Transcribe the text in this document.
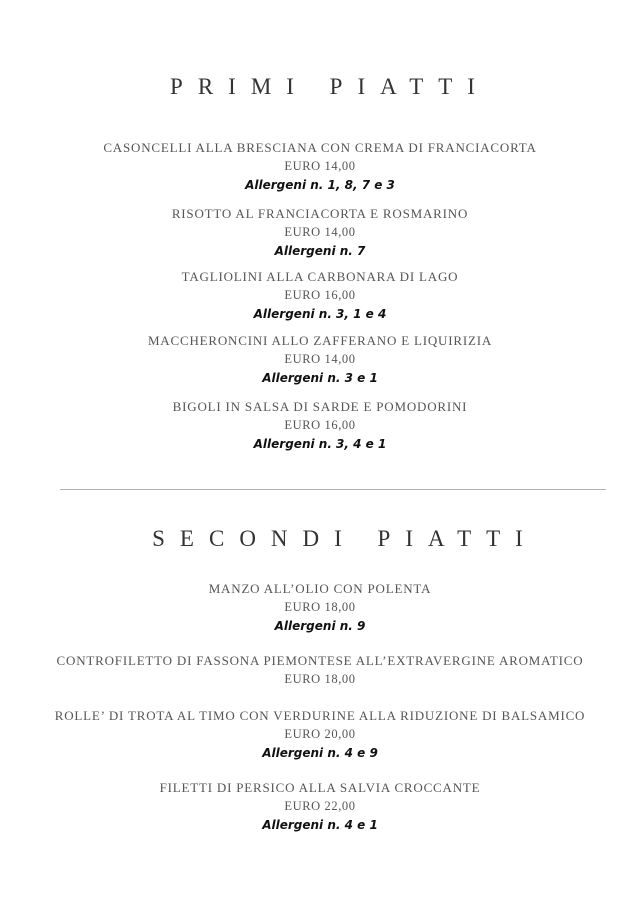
PRIMI PIATTI
CASONCELLI ALLA BRESCIANA CON CREMA DI FRANCIACORTA
EURO 14,00
Allergeni n. 1, 8, 7 e 3
RISOTTO AL FRANCIACORTA E ROSMARINO
EURO 14,00
Allergeni n. 7
TAGLIOLINI ALLA CARBONARA DI LAGO
EURO 16,00
Allergeni n. 3, 1 e 4
MACCHERONCINI ALLO ZAFFERANO E LIQUIRIZIA
EURO 14,00
Allergeni n. 3 e 1
BIGOLI IN SALSA DI SARDE E POMODORINI
EURO 16,00
Allergeni n. 3, 4 e 1
SECONDI PIATTI
MANZO ALL’OLIO CON POLENTA
EURO 18,00
Allergeni n. 9
CONTROFILETTO DI FASSONA PIEMONTESE ALL’EXTRAVERGINE AROMATICO
EURO 18,00
ROLLE’ DI TROTA AL TIMO CON VERDURINE ALLA RIDUZIONE DI BALSAMICO
EURO 20,00
Allergeni n. 4 e 9
FILETTI DI PERSICO ALLA SALVIA CROCCANTE
EURO 22,00
Allergeni n. 4 e 1
